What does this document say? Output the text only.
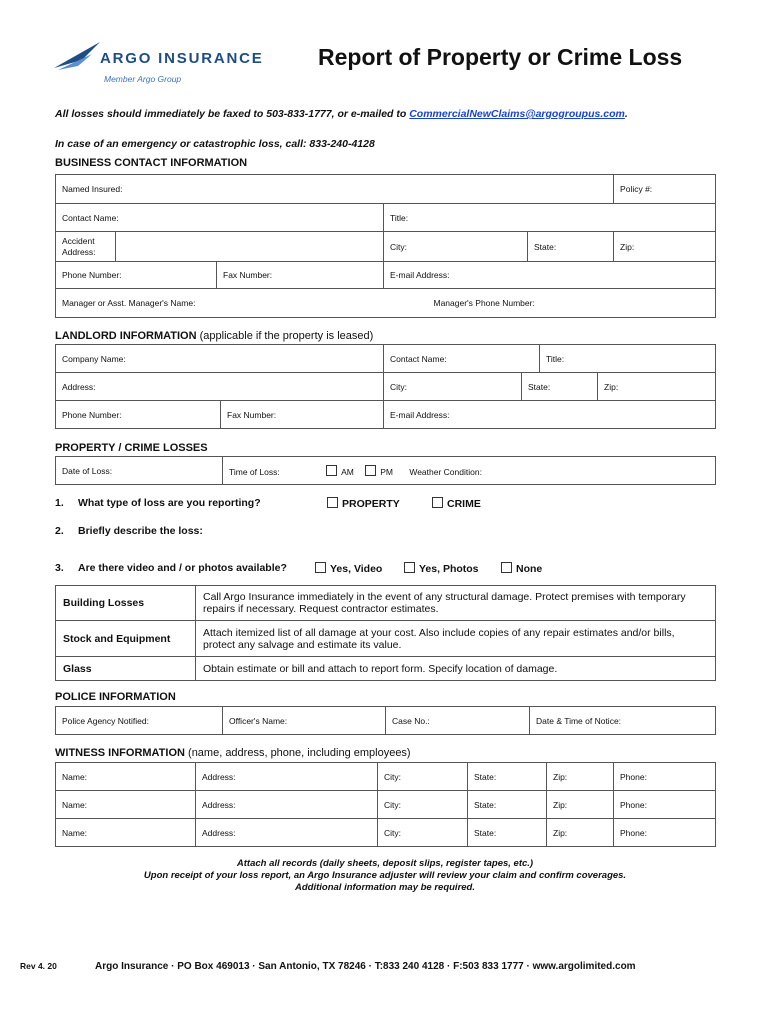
ARGO INSURANCE
Member Argo Group
Report of Property or Crime Loss
All losses should immediately be faxed to 503-833-1777, or e-mailed to CommercialNewClaims@argogroupus.com.
In case of an emergency or catastrophic loss, call: 833-240-4128
BUSINESS CONTACT INFORMATION
Named Insured:					Policy #:
Contact Name:			Title:		
Accident Address:			City:	State:	Zip:
Phone Number:		Fax Number:	E-mail Address:		
Manager or Asst. Manager's Name:			Manager's Phone Number:		
LANDLORD INFORMATION (applicable if the property is leased)
Company Name:		Contact Name:		Title:	
Address:		City:	State:		Zip:
Phone Number:	Fax Number:	E-mail Address:			
PROPERTY / CRIME LOSSES
Date of Loss:	Time of Loss:	AM	PM Weather Condition:
1. What type of loss are you reporting?	PROPERTY	CRIME
2. Briefly describe the loss:
3. Are there video and / or photos available?	Yes, Video	Yes, Photos	None
Building Losses	Call Argo Insurance immediately in the event of any structural damage. Protect premises with temporary repairs if necessary. Request contractor estimates.
Stock and Equipment	Attach itemized list of all damage at your cost. Also include copies of any repair estimates and/or bills, protect any salvage and estimate its value.
Glass	Obtain estimate or bill and attach to report form. Specify location of damage.
POLICE INFORMATION
Police Agency Notified:	Officer's Name:	Case No.:	Date & Time of Notice:
WITNESS INFORMATION (name, address, phone, including employees)
Name:	Address:	City:	State:	Zip:	Phone:
Name:	Address:	City:	State:	Zip:	Phone:
Name:	Address:	City:	State:	Zip:	Phone:
Attach all records (daily sheets, deposit slips, register tapes, etc.)
Upon receipt of your loss report, an Argo Insurance adjuster will review your claim and confirm coverages.
Additional information may be required.
Rev 4. 20	Argo Insurance · PO Box 469013 · San Antonio, TX 78246 · T:833 240 4128 · F:503 833 1777 · www.argolimited.com
